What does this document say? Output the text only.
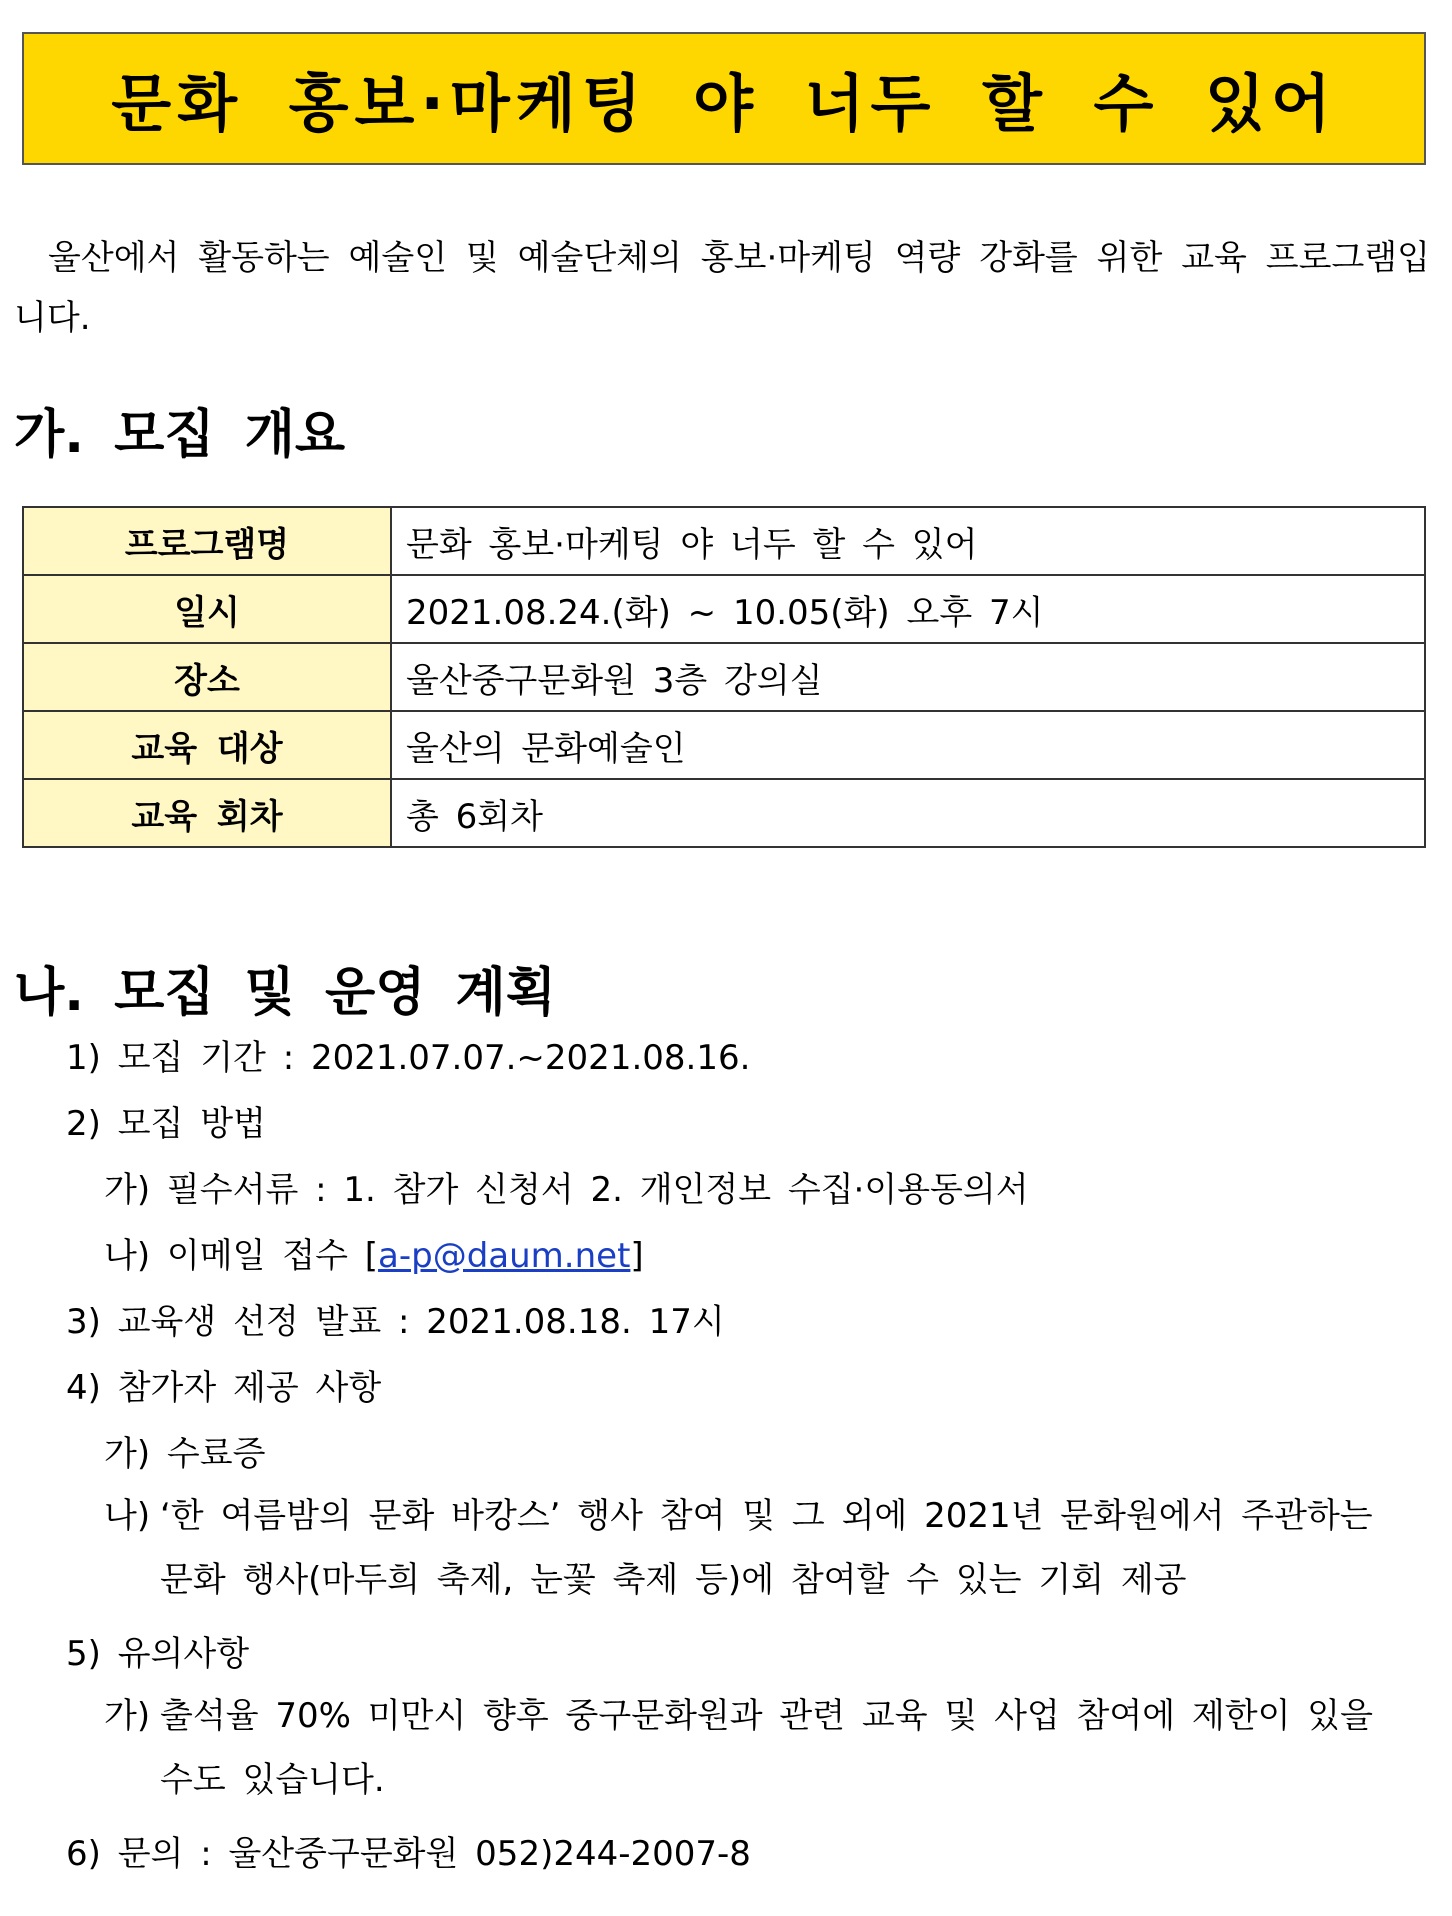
문화 홍보·마케팅 야 너두 할 수 있어
울산에서 활동하는 예술인 및 예술단체의 홍보·마케팅 역량 강화를 위한 교육 프로그램입니다.
가. 모집 개요
프로그램명	문화 홍보·마케팅 야 너두 할 수 있어
일시	2021.08.24.(화) ~ 10.05(화) 오후 7시
장소	울산중구문화원 3층 강의실
교육 대상	울산의 문화예술인
교육 회차	총 6회차
나. 모집 및 운영 계획
1) 모집 기간 : 2021.07.07.~2021.08.16.
2) 모집 방법
가) 필수서류 : 1. 참가 신청서 2. 개인정보 수집·이용동의서
나) 이메일 접수 [a-p@daum.net]
3) 교육생 선정 발표 : 2021.08.18. 17시
4) 참가자 제공 사항
가) 수료증
나) ‘한 여름밤의 문화 바캉스’ 행사 참여 및 그 외에 2021년 문화원에서 주관하는
문화 행사(마두희 축제, 눈꽃 축제 등)에 참여할 수 있는 기회 제공
5) 유의사항
가) 출석율 70% 미만시 향후 중구문화원과 관련 교육 및 사업 참여에 제한이 있을
수도 있습니다.
6) 문의 : 울산중구문화원 052)244-2007-8
